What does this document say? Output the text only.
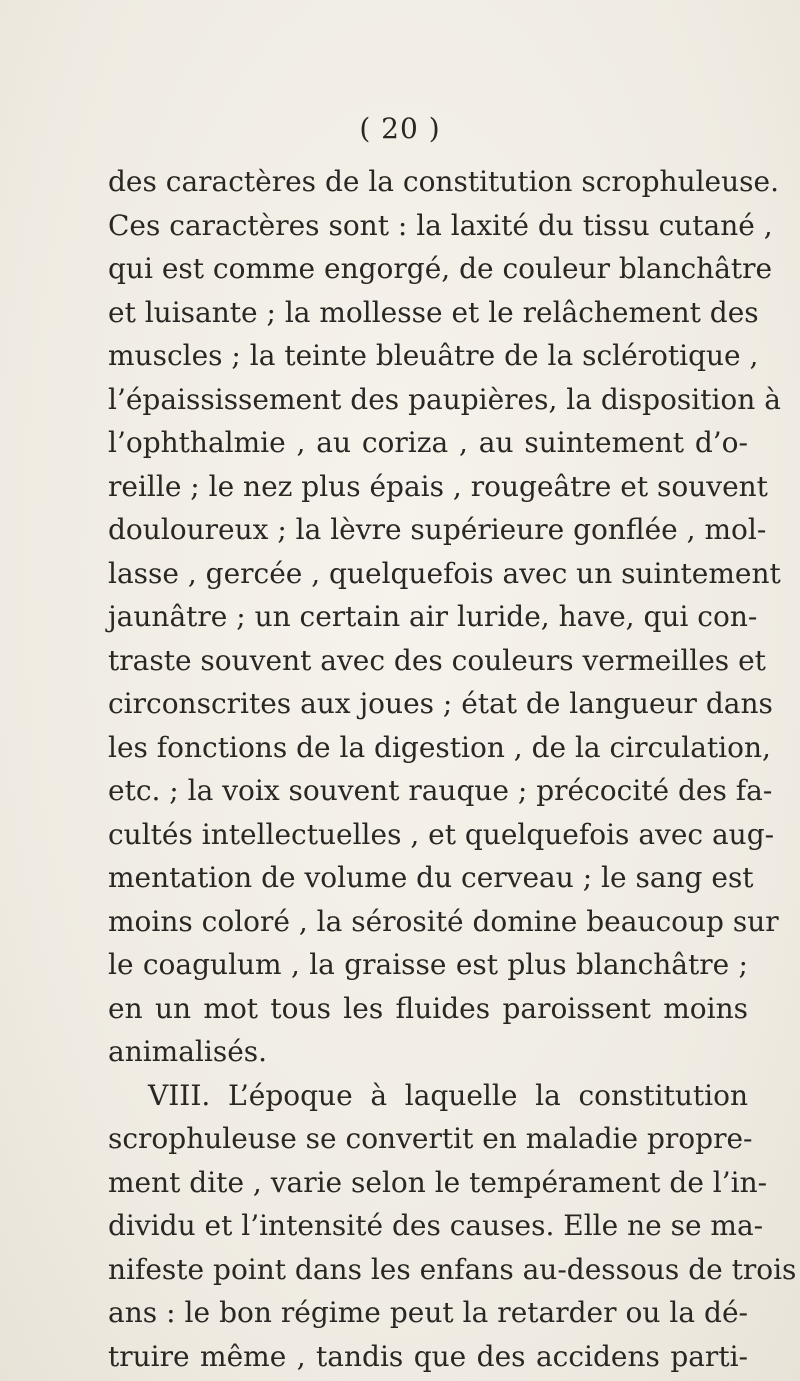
( 20 )
des caractères de la constitution scrophuleuse.
Ces caractères sont : la laxité du tissu cutané ,
qui est comme engorgé, de couleur blanchâtre
et luisante ; la mollesse et le relâchement des
muscles ; la teinte bleuâtre de la sclérotique ,
l’épaississement des paupières, la disposition à
l’ophthalmie , au coriza , au suintement d’o-
reille ; le nez plus épais , rougeâtre et souvent
douloureux ; la lèvre supérieure gonflée , mol-
lasse , gercée , quelquefois avec un suintement
jaunâtre ; un certain air luride, have, qui con-
traste souvent avec des couleurs vermeilles et
circonscrites aux joues ; état de langueur dans
les fonctions de la digestion , de la circulation,
etc. ; la voix souvent rauque ; précocité des fa-
cultés intellectuelles , et quelquefois avec aug-
mentation de volume du cerveau ; le sang est
moins coloré , la sérosité domine beaucoup sur
le coagulum , la graisse est plus blanchâtre ;
en un mot tous les fluides paroissent moins
animalisés.
VIII. L’époque à laquelle la constitution
scrophuleuse se convertit en maladie propre-
ment dite , varie selon le tempérament de l’in-
dividu et l’intensité des causes. Elle ne se ma-
nifeste point dans les enfans au-dessous de trois
ans : le bon régime peut la retarder ou la dé-
truire même , tandis que des accidens parti-
